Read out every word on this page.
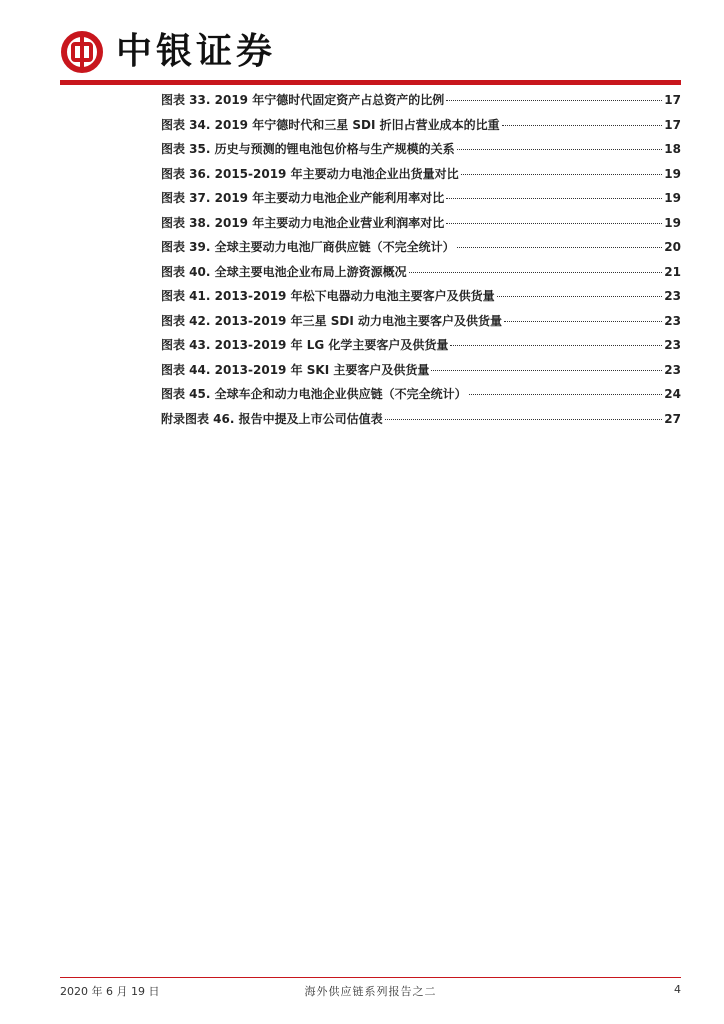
中银证券
图表 33. 2019 年宁德时代固定资产占总资产的比例	17
图表 34. 2019 年宁德时代和三星 SDI 折旧占营业成本的比重	17
图表 35. 历史与预测的锂电池包价格与生产规模的关系	18
图表 36. 2015-2019 年主要动力电池企业出货量对比	19
图表 37. 2019 年主要动力电池企业产能利用率对比	19
图表 38. 2019 年主要动力电池企业营业利润率对比	19
图表 39. 全球主要动力电池厂商供应链（不完全统计）	20
图表 40. 全球主要电池企业布局上游资源概况	21
图表 41. 2013-2019 年松下电器动力电池主要客户及供货量	23
图表 42. 2013-2019 年三星 SDI 动力电池主要客户及供货量	23
图表 43. 2013-2019 年 LG 化学主要客户及供货量	23
图表 44. 2013-2019 年 SKI 主要客户及供货量	23
图表 45. 全球车企和动力电池企业供应链（不完全统计）	24
附录图表 46. 报告中提及上市公司估值表	27
2020 年 6 月 19 日	海外供应链系列报告之二	4
